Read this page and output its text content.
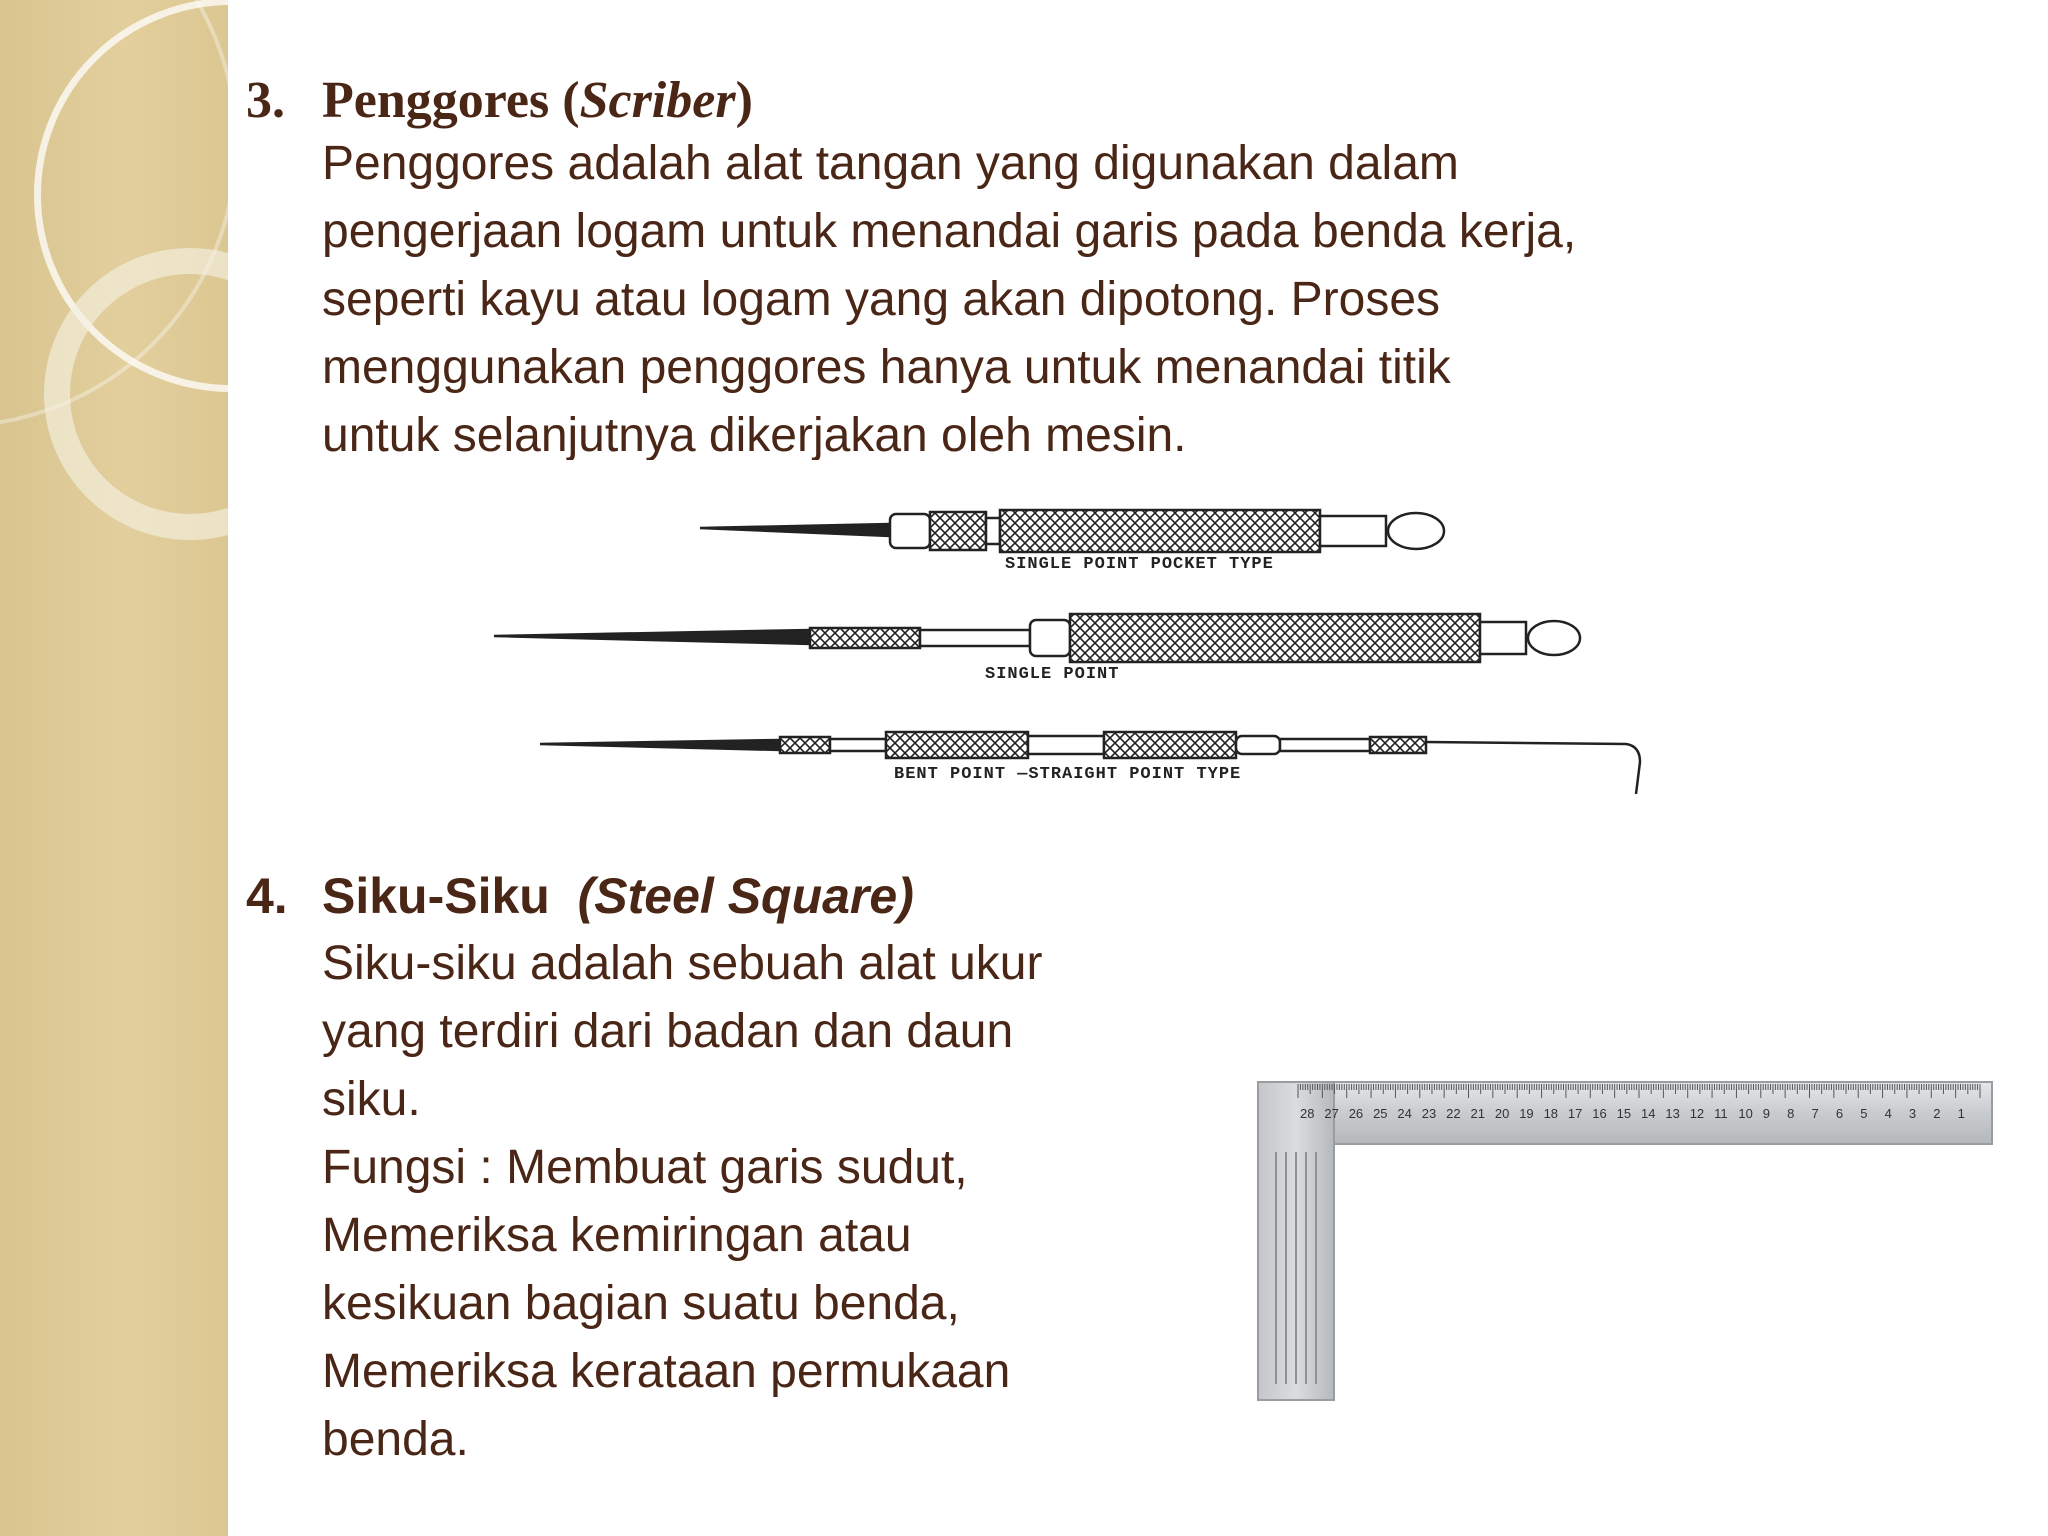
3. Penggores (Scriber)
Penggores adalah alat tangan yang digunakan dalam
pengerjaan logam untuk menandai garis pada benda kerja,
seperti kayu atau logam yang akan dipotong. Proses
menggunakan penggores hanya untuk menandai titik
untuk selanjutnya dikerjakan oleh mesin.
SINGLE POINT POCKET TYPE
SINGLE POINT
BENT POINT —STRAIGHT POINT TYPE
4. Siku-Siku (Steel Square)
Siku-siku adalah sebuah alat ukur
yang terdiri dari badan dan daun
siku.
Fungsi : Membuat garis sudut,
Memeriksa kemiringan atau
kesikuan bagian suatu benda,
Memeriksa kerataan permukaan
benda.
28 27 26 25 24 23 22 21 20 19 18 17 16 15 14 13 12 11 10 9 8 7 6 5 4 3 2 1
